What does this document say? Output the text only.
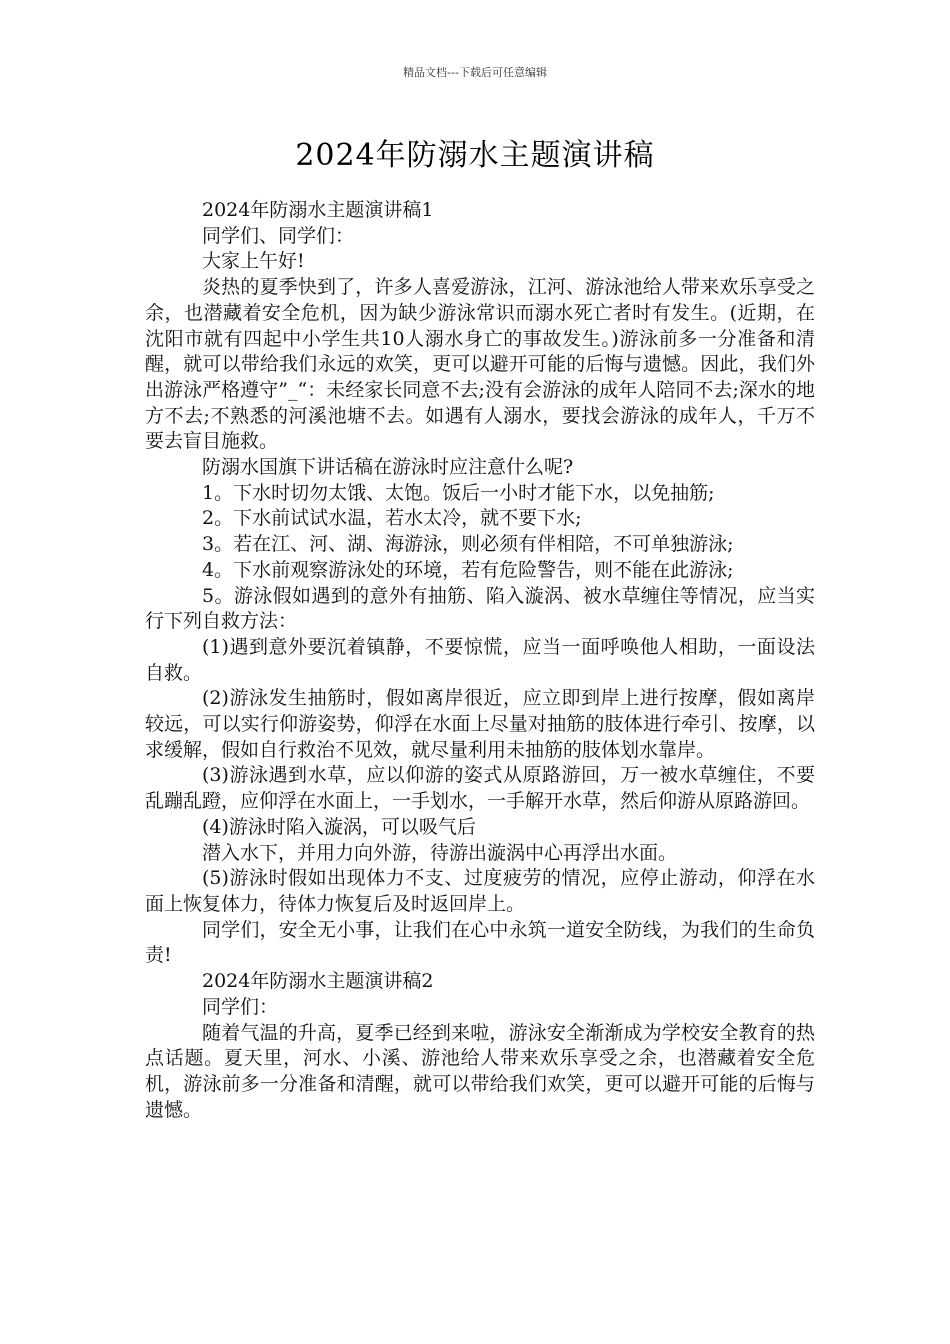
精品文档---下载后可任意编辑
2024年防溺水主题演讲稿

2024年防溺水主题演讲稿1

同学们、同学们：

大家上午好!

炎热的夏季快到了，许多人喜爱游泳，江河、游泳池给人带来欢乐享受之余，也潜藏着安全危机，因为缺少游泳常识而溺水死亡者时有发生。(近期，在沈阳市就有四起中小学生共10人溺水身亡的事故发生。)游泳前多一分准备和清醒，就可以带给我们永远的欢笑，更可以避开可能的后悔与遗憾。因此，我们外出游泳严格遵守”_“：未经家长同意不去;没有会游泳的成年人陪同不去;深水的地方不去;不熟悉的河溪池塘不去。如遇有人溺水，要找会游泳的成年人，千万不要去盲目施救。

防溺水国旗下讲话稿在游泳时应注意什么呢?

1。下水时切勿太饿、太饱。饭后一小时才能下水，以免抽筋;

2。下水前试试水温，若水太冷，就不要下水;

3。若在江、河、湖、海游泳，则必须有伴相陪，不可单独游泳;

4。下水前观察游泳处的环境，若有危险警告，则不能在此游泳;

5。游泳假如遇到的意外有抽筋、陷入漩涡、被水草缠住等情况，应当实行下列自救方法：

(1)遇到意外要沉着镇静，不要惊慌，应当一面呼唤他人相助，一面设法自救。

(2)游泳发生抽筋时，假如离岸很近，应立即到岸上进行按摩，假如离岸较远，可以实行仰游姿势，仰浮在水面上尽量对抽筋的肢体进行牵引、按摩，以求缓解，假如自行救治不见效，就尽量利用未抽筋的肢体划水靠岸。

(3)游泳遇到水草，应以仰游的姿式从原路游回，万一被水草缠住，不要乱蹦乱蹬，应仰浮在水面上，一手划水，一手解开水草，然后仰游从原路游回。

(4)游泳时陷入漩涡，可以吸气后

潜入水下，并用力向外游，待游出漩涡中心再浮出水面。

(5)游泳时假如出现体力不支、过度疲劳的情况，应停止游动，仰浮在水面上恢复体力，待体力恢复后及时返回岸上。

同学们，安全无小事，让我们在心中永筑一道安全防线，为我们的生命负责!

2024年防溺水主题演讲稿2

同学们：

随着气温的升高，夏季已经到来啦，游泳安全渐渐成为学校安全教育的热点话题。夏天里，河水、小溪、游池给人带来欢乐享受之余，也潜藏着安全危机，游泳前多一分准备和清醒，就可以带给我们欢笑，更可以避开可能的后悔与遗憾。
